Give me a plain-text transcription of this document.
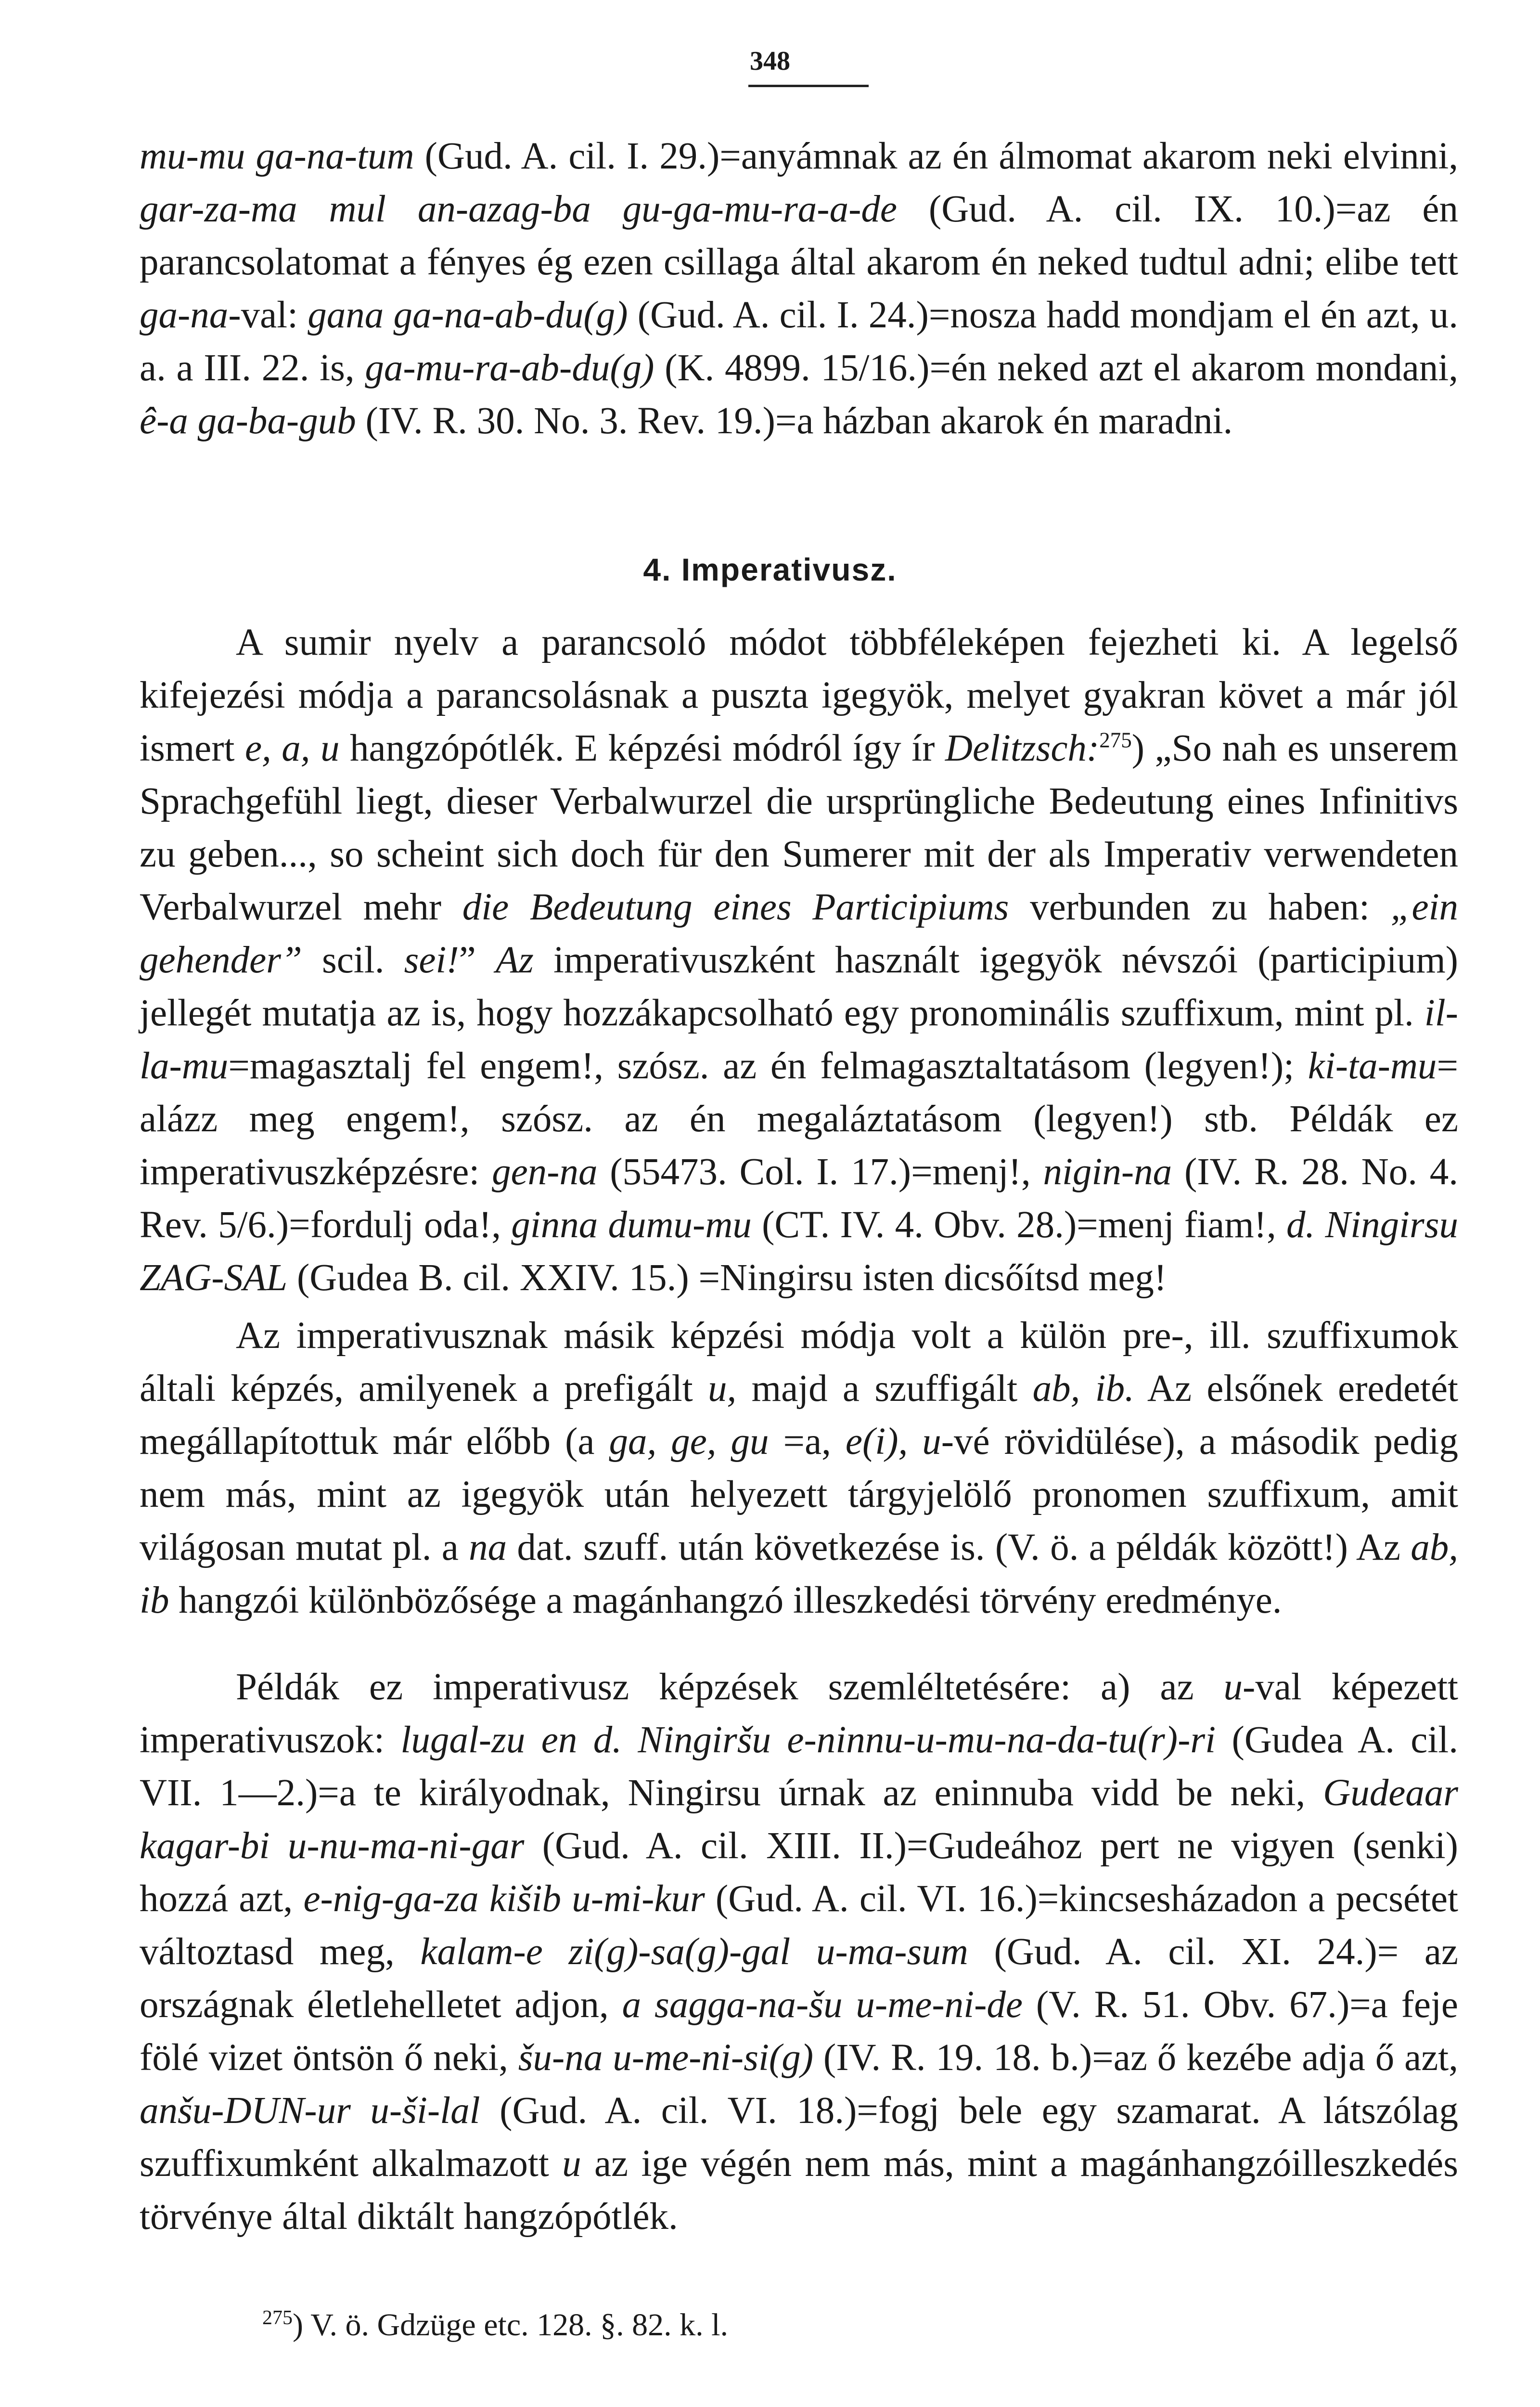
348

mu-mu ga-na-tum (Gud. A. cil. I. 29.)=anyámnak az én álmomat akarom neki elvinni, gar-za-ma mul an-azag-ba gu-ga-mu-ra-a-de (Gud. A. cil. IX. 10.)=az én parancsolatomat a fényes ég ezen csillaga által akarom én neked tudtul adni; elibe tett ga-na-val: gana ga-na-ab-du(g) (Gud. A. cil. I. 24.)=nosza hadd mondjam el én azt, u. a. a III. 22. is, ga-mu-ra-ab-du(g) (K. 4899. 15/16.)=én neked azt el akarom mondani, ê-a ga-ba-gub (IV. R. 30. No. 3. Rev. 19.)=a házban akarok én maradni.

4. Imperativusz.

A sumir nyelv a parancsoló módot többféleképen fejezheti ki. A legelső kifejezési módja a parancsolásnak a puszta igegyök, melyet gyakran követ a már jól ismert e, a, u hangzópótlék. E képzési módról így ír Delitzsch:$^{275}$) „So nah es unserem Sprachgefühl liegt, dieser Verbalwurzel die ursprüngliche Bedeutung eines Infinitivs zu geben..., so scheint sich doch für den Sumerer mit der als Imperativ verwendeten Verbalwurzel mehr die Bedeutung eines Participiums verbunden zu haben: „ein gehender” scil. sei!” Az imperativuszként használt igegyök névszói (participium) jellegét mutatja az is, hogy hozzákapcsolható egy pronominális szuffixum, mint pl. il-la-mu=magasztalj fel engem!, szósz. az én felmagasztaltatásom (legyen!); ki-ta-mu= alázz meg engem!, szósz. az én megaláztatásom (legyen!) stb. Példák ez imperativuszképzésre: gen-na (55473. Col. I. 17.)=menj!, nigin-na (IV. R. 28. No. 4. Rev. 5/6.)=fordulj oda!, ginna dumu-mu (CT. IV. 4. Obv. 28.)=menj fiam!, d. Ningirsu ZAG-SAL (Gudea B. cil. XXIV. 15.) =Ningirsu isten dicsőítsd meg!

Az imperativusznak másik képzési módja volt a külön pre-, ill. szuffixumok általi képzés, amilyenek a prefigált u, majd a szuffigált ab, ib. Az elsőnek eredetét megállapítottuk már előbb (a ga, ge, gu =a, e(i), u-vé rövidülése), a második pedig nem más, mint az igegyök után helyezett tárgyjelölő pronomen szuffixum, amit világosan mutat pl. a na dat. szuff. után következése is. (V. ö. a példák között!) Az ab, ib hangzói különbözősége a magánhangzó illeszkedési törvény eredménye.

Példák ez imperativusz képzések szemléltetésére: a) az u-val képezett imperativuszok: lugal-zu en d. Ningiršu e-ninnu-u-mu-na-da-tu(r)-ri (Gudea A. cil. VII. 1—2.)=a te királyodnak, Ningirsu úrnak az eninnuba vidd be neki, Gudeaar kagar-bi u-nu-ma-ni-gar (Gud. A. cil. XIII. II.)=Gudeához pert ne vigyen (senki) hozzá azt, e-nig-ga-za kišib u-mi-kur (Gud. A. cil. VI. 16.)=kincsesházadon a pecsétet változtasd meg, kalam-e zi(g)-sa(g)-gal u-ma-sum (Gud. A. cil. XI. 24.)= az országnak életlehelletet adjon, a sagga-na-šu u-me-ni-de (V. R. 51. Obv. 67.)=a feje fölé vizet öntsön ő neki, šu-na u-me-ni-si(g) (IV. R. 19. 18. b.)=az ő kezébe adja ő azt, anšu-DUN-ur u-ši-lal (Gud. A. cil. VI. 18.)=fogj bele egy szamarat. A látszólag szuffixumként alkalmazott u az ige végén nem más, mint a magánhangzóilleszkedés törvénye által diktált hangzópótlék.

$^{275}$) V. ö. Gdzüge etc. 128. §. 82. k. l.
